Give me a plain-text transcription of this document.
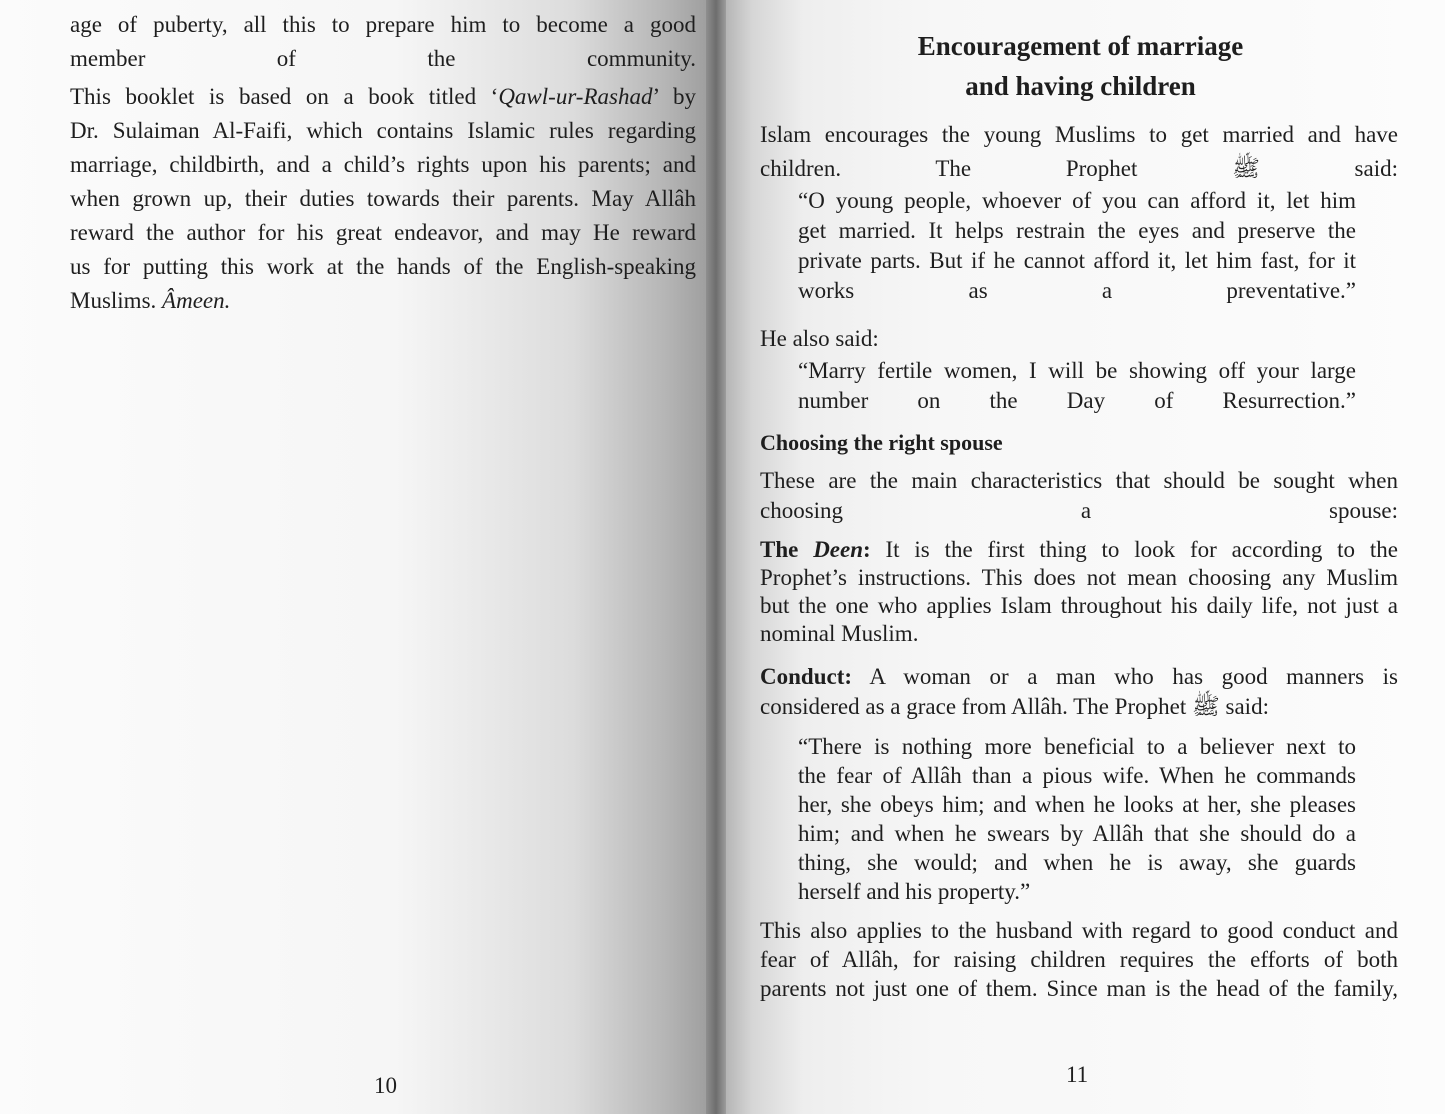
age of puberty, all this to prepare him to become a good
member of the community.
This booklet is based on a book titled ‘Qawl-ur-Rashad’ by
Dr. Sulaiman Al-Faifi, which contains Islamic rules regarding
marriage, childbirth, and a child’s rights upon his parents; and
when grown up, their duties towards their parents. May Allâh
reward the author for his great endeavor, and may He reward
us for putting this work at the hands of the English-speaking
Muslims. Âmeen.

10

Encouragement of marriage

and having children

Islam encourages the young Muslims to get married and have
children. The Prophet ﷺ said:
“O young people, whoever of you can afford it, let him
get married. It helps restrain the eyes and preserve the
private parts. But if he cannot afford it, let him fast, for it
works as a preventative.”

He also said:

“Marry fertile women, I will be showing off your large
number on the Day of Resurrection.”

Choosing the right spouse

These are the main characteristics that should be sought when
choosing a spouse:
The Deen: It is the first thing to look for according to the
Prophet’s instructions. This does not mean choosing any Muslim
but the one who applies Islam throughout his daily life, not just a
nominal Muslim.
Conduct: A woman or a man who has good manners is
considered as a grace from Allâh. The Prophet ﷺ said:
“There is nothing more beneficial to a believer next to
the fear of Allâh than a pious wife. When he commands
her, she obeys him; and when he looks at her, she pleases
him; and when he swears by Allâh that she should do a
thing, she would; and when he is away, she guards
herself and his property.”
This also applies to the husband with regard to good conduct and
fear of Allâh, for raising children requires the efforts of both
parents not just one of them. Since man is the head of the family,

11
